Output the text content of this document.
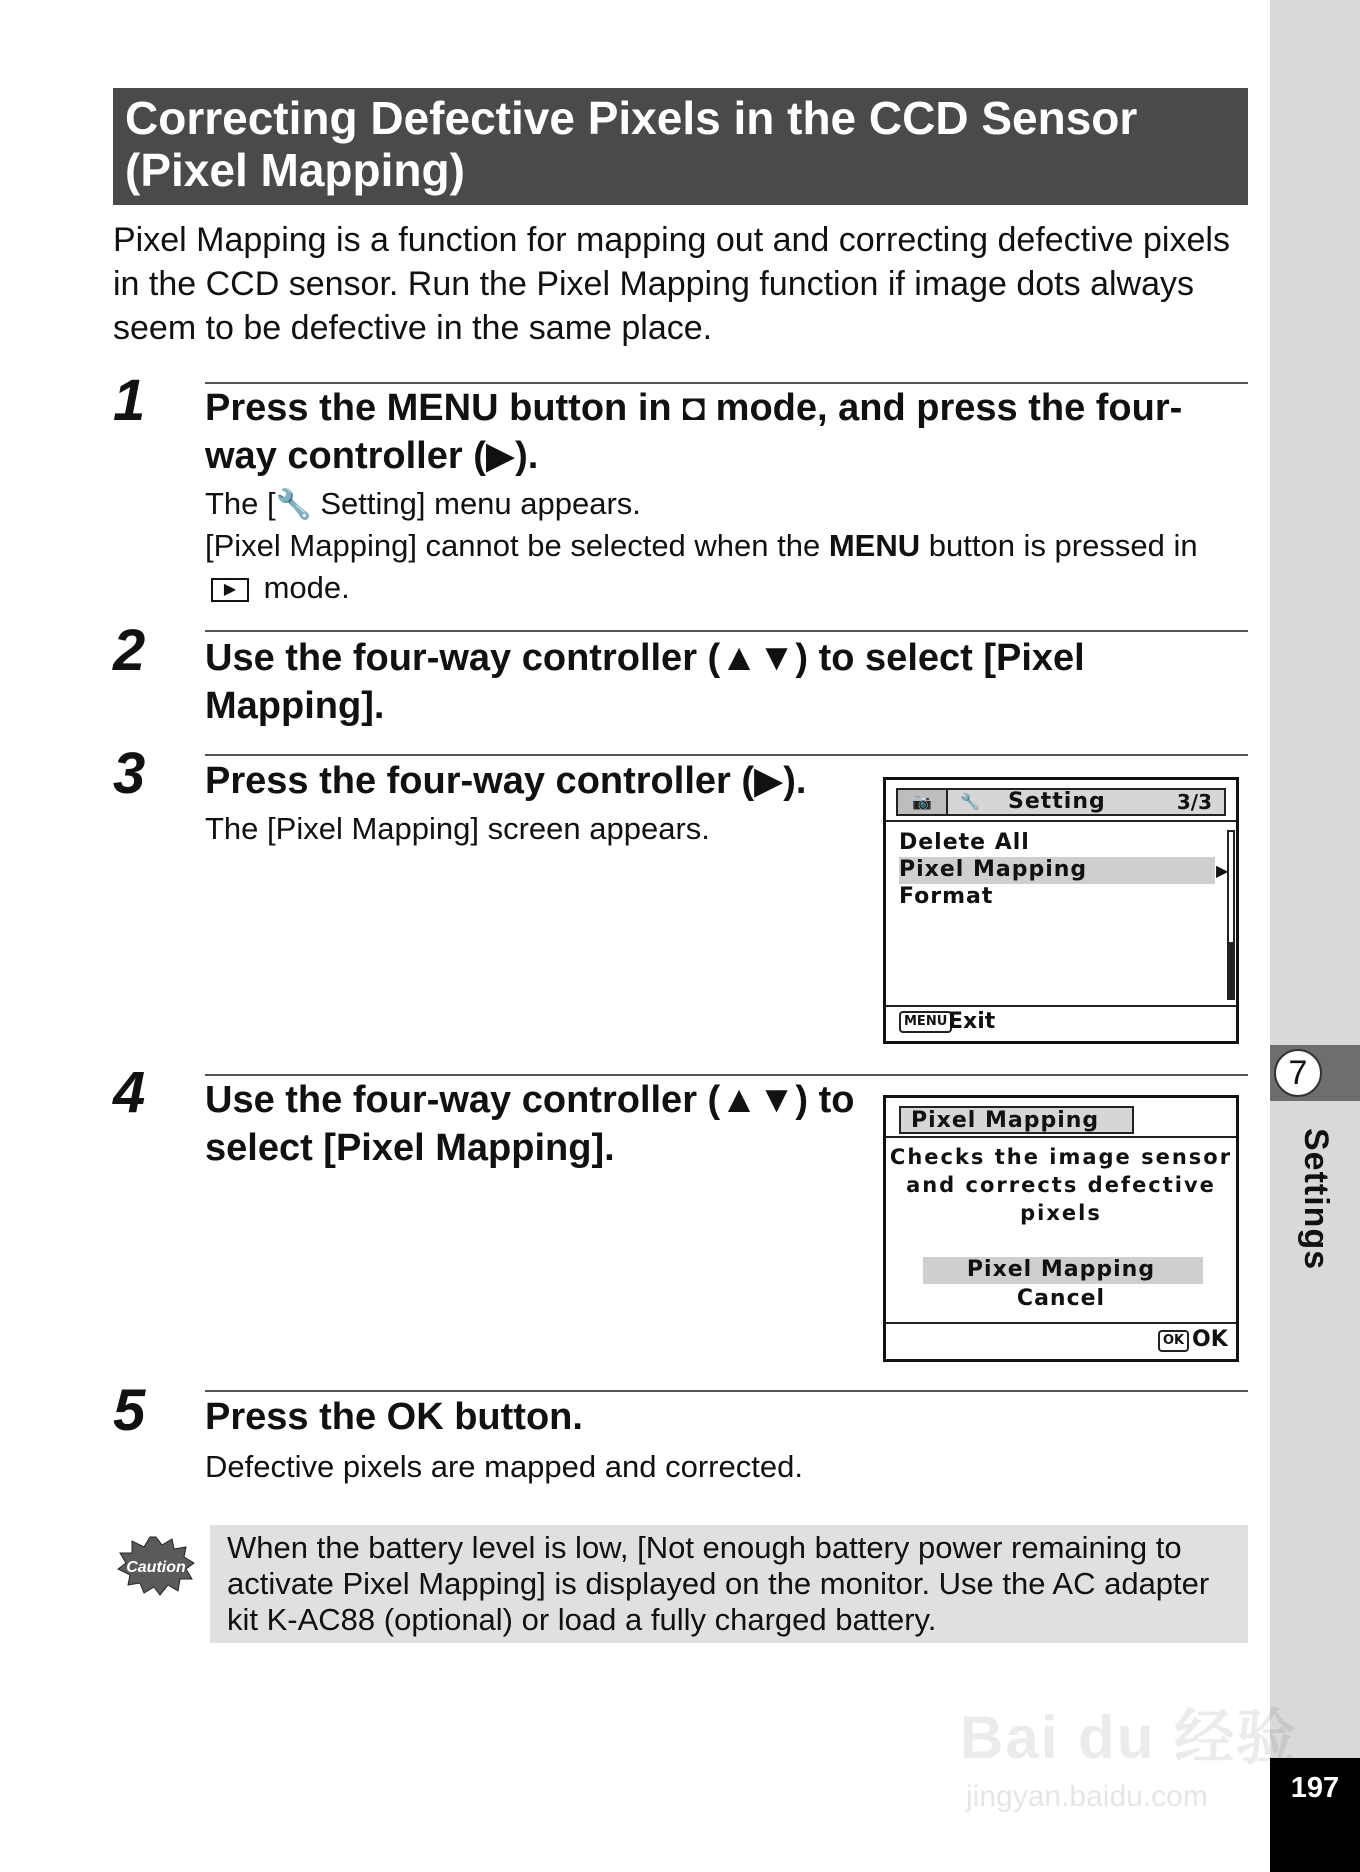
7
Settings
197
Correcting Defective Pixels in the CCD Sensor (Pixel Mapping)

Pixel Mapping is a function for mapping out and correcting defective pixels in the CCD sensor. Run the Pixel Mapping function if image dots always seem to be defective in the same place.

1 Press the MENU button in ◘ mode, and press the four-way controller (▶).

The [🔧 Setting] menu appears.

[Pixel Mapping] cannot be selected when the MENU button is pressed in ▶ mode.

2 Use the four-way controller (▲▼) to select [Pixel Mapping].

3 Press the four-way controller (▶).

The [Pixel Mapping] screen appears.

📷	🔧 Setting	3/3
Delete All
Pixel Mapping	▶
Format
MENU Exit
4 Use the four-way controller (▲▼) to select [Pixel Mapping].

Pixel Mapping
Checks the image sensor
and corrects defective
pixels
Pixel Mapping
Cancel
OK OK
5 Press the OK button.

Defective pixels are mapped and corrected.

Caution

When the battery level is low, [Not enough battery power remaining to activate Pixel Mapping] is displayed on the monitor. Use the AC adapter kit K-AC88 (optional) or load a fully charged battery.

Bai du 经验
jingyan.baidu.com
